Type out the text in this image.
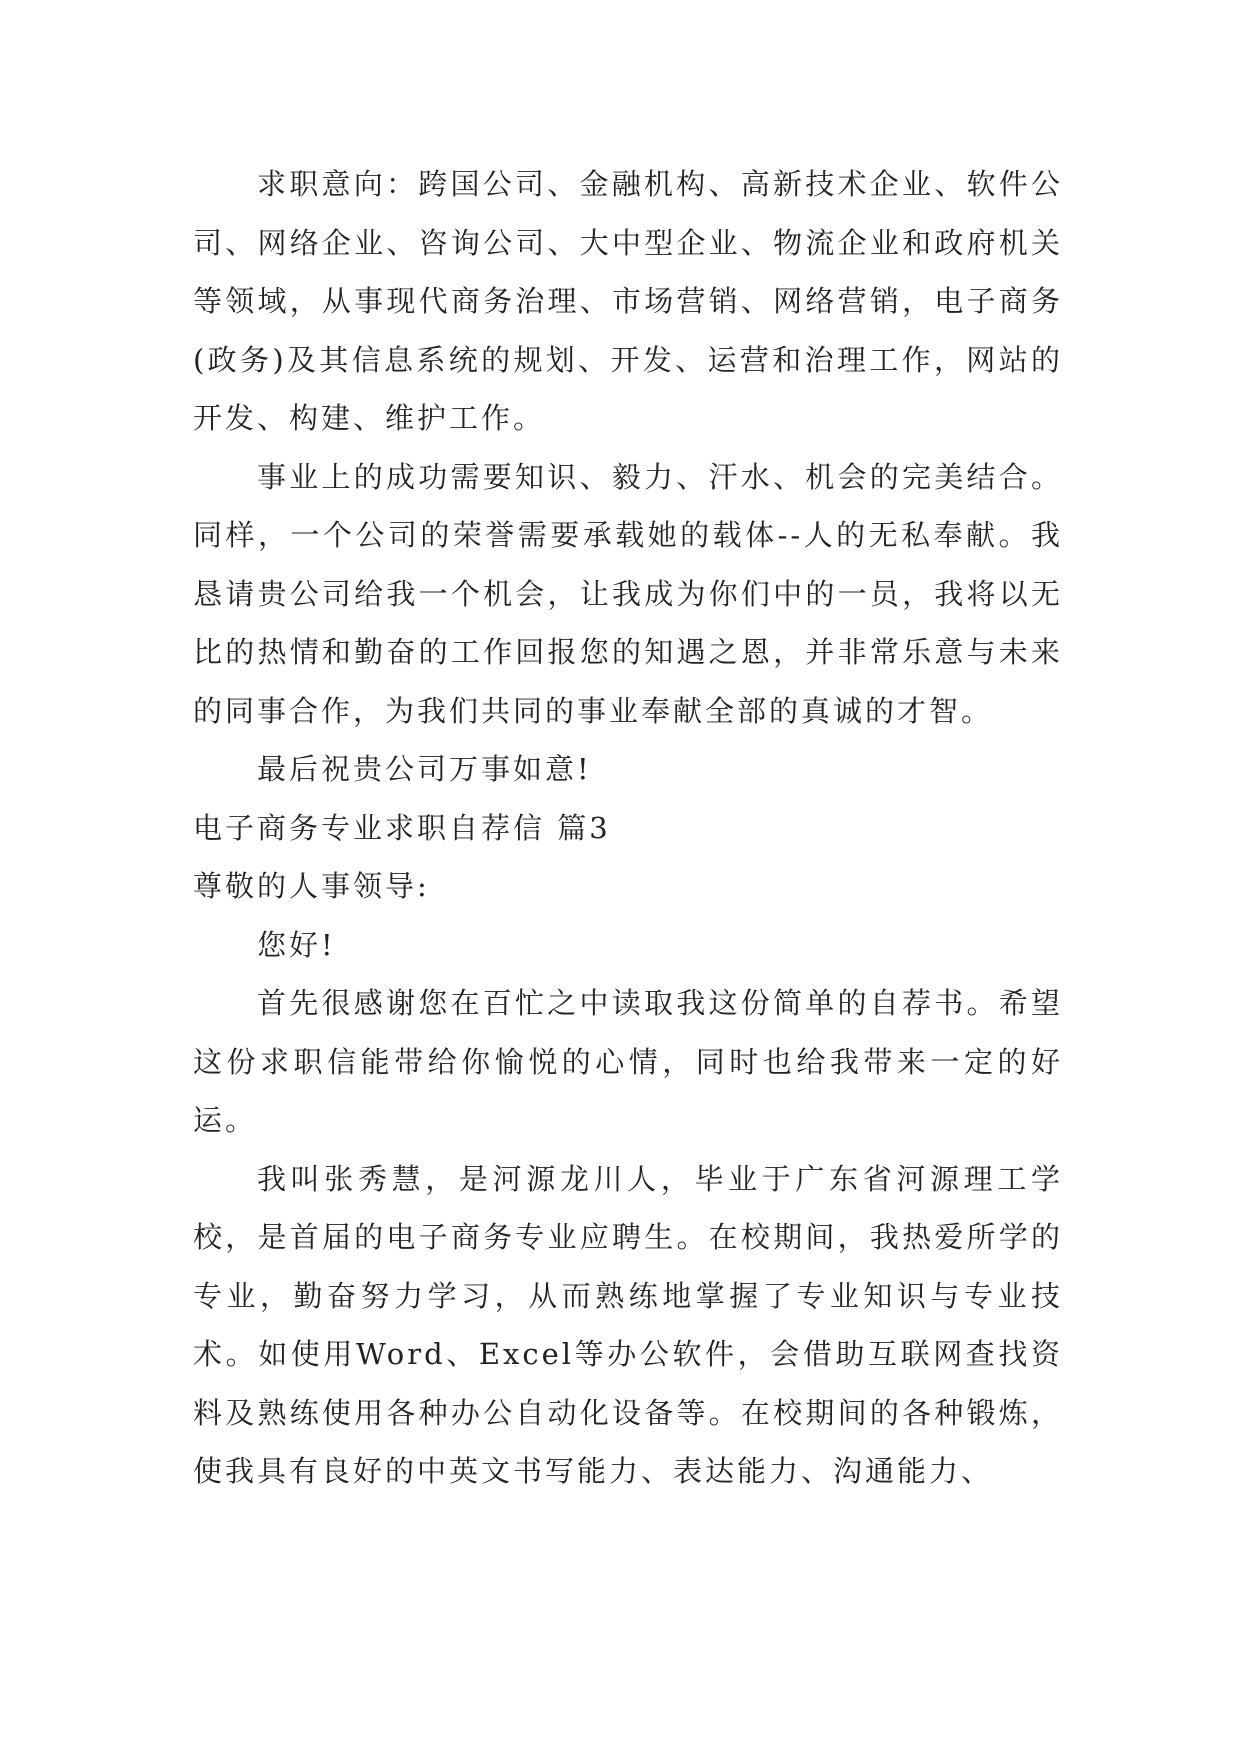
求职意向：跨国公司、金融机构、高新技术企业、软件公司、网络企业、咨询公司、大中型企业、物流企业和政府机关等领域，从事现代商务治理、市场营销、网络营销，电子商务(政务)及其信息系统的规划、开发、运营和治理工作，网站的开发、构建、维护工作。

事业上的成功需要知识、毅力、汗水、机会的完美结合。同样，一个公司的荣誉需要承载她的载体--人的无私奉献。我恳请贵公司给我一个机会，让我成为你们中的一员，我将以无比的热情和勤奋的工作回报您的知遇之恩，并非常乐意与未来的同事合作，为我们共同的事业奉献全部的真诚的才智。

最后祝贵公司万事如意!

电子商务专业求职自荐信 篇3

尊敬的人事领导:

您好!

首先很感谢您在百忙之中读取我这份简单的自荐书。希望这份求职信能带给你愉悦的心情，同时也给我带来一定的好运。

我叫张秀慧，是河源龙川人，毕业于广东省河源理工学校，是首届的电子商务专业应聘生。在校期间，我热爱所学的专业，勤奋努力学习，从而熟练地掌握了专业知识与专业技术。如使用Word、Excel等办公软件，会借助互联网查找资料及熟练使用各种办公自动化设备等。在校期间的各种锻炼，使我具有良好的中英文书写能力、表达能力、沟通能力、
